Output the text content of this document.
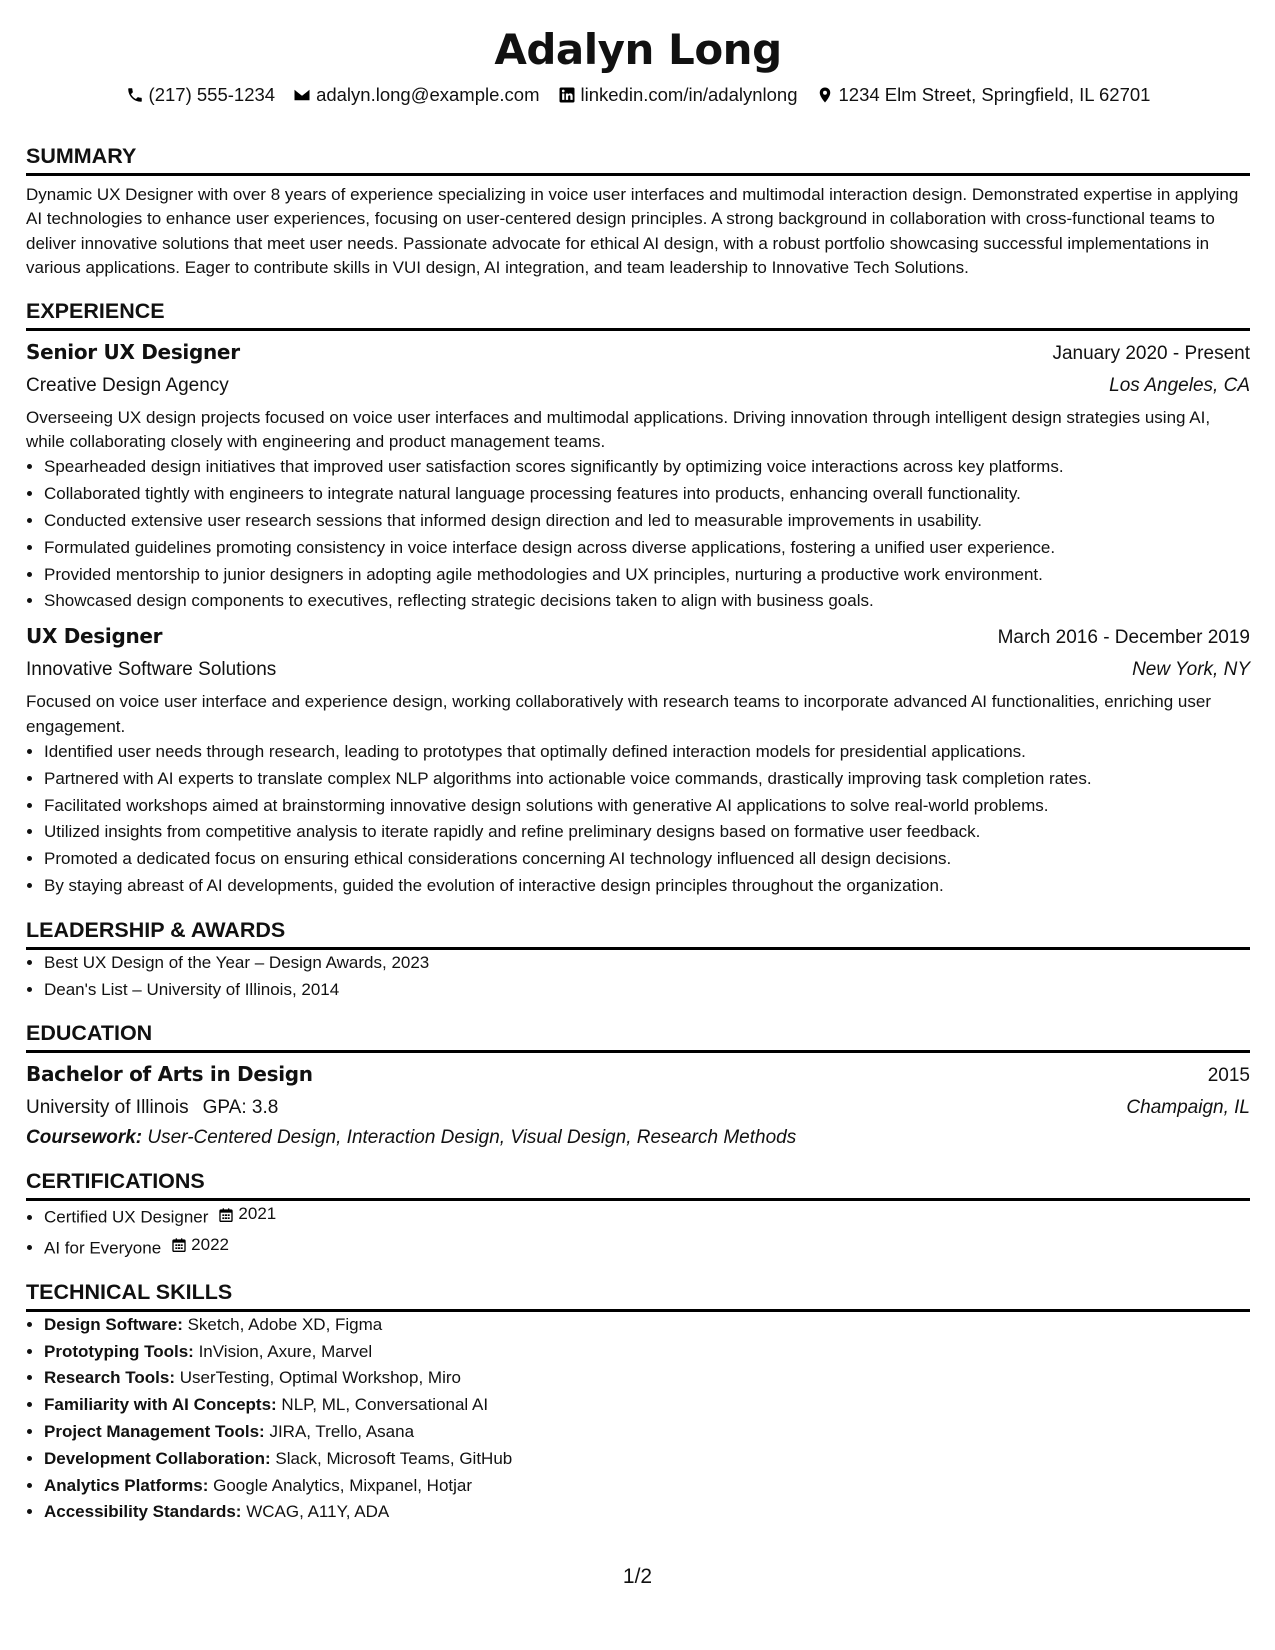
Adalyn Long
(217) 555-1234 adalyn.long@example.com linkedin.com/in/adalynlong 1234 Elm Street, Springfield, IL 62701
SUMMARY
Dynamic UX Designer with over 8 years of experience specializing in voice user interfaces and multimodal interaction design. Demonstrated expertise in applying AI technologies to enhance user experiences, focusing on user-centered design principles. A strong background in collaboration with cross-functional teams to deliver innovative solutions that meet user needs. Passionate advocate for ethical AI design, with a robust portfolio showcasing successful implementations in various applications. Eager to contribute skills in VUI design, AI integration, and team leadership to Innovative Tech Solutions.
EXPERIENCE
Senior UX Designer	January 2020 - Present
Creative Design Agency	Los Angeles, CA
Overseeing UX design projects focused on voice user interfaces and multimodal applications. Driving innovation through intelligent design strategies using AI, while collaborating closely with engineering and product management teams.
• Spearheaded design initiatives that improved user satisfaction scores significantly by optimizing voice interactions across key platforms.
• Collaborated tightly with engineers to integrate natural language processing features into products, enhancing overall functionality.
• Conducted extensive user research sessions that informed design direction and led to measurable improvements in usability.
• Formulated guidelines promoting consistency in voice interface design across diverse applications, fostering a unified user experience.
• Provided mentorship to junior designers in adopting agile methodologies and UX principles, nurturing a productive work environment.
• Showcased design components to executives, reflecting strategic decisions taken to align with business goals.
UX Designer	March 2016 - December 2019
Innovative Software Solutions	New York, NY
Focused on voice user interface and experience design, working collaboratively with research teams to incorporate advanced AI functionalities, enriching user engagement.
• Identified user needs through research, leading to prototypes that optimally defined interaction models for presidential applications.
• Partnered with AI experts to translate complex NLP algorithms into actionable voice commands, drastically improving task completion rates.
• Facilitated workshops aimed at brainstorming innovative design solutions with generative AI applications to solve real-world problems.
• Utilized insights from competitive analysis to iterate rapidly and refine preliminary designs based on formative user feedback.
• Promoted a dedicated focus on ensuring ethical considerations concerning AI technology influenced all design decisions.
• By staying abreast of AI developments, guided the evolution of interactive design principles throughout the organization.
LEADERSHIP & AWARDS
• Best UX Design of the Year – Design Awards, 2023
• Dean's List – University of Illinois, 2014
EDUCATION
Bachelor of Arts in Design	2015
University of Illinois GPA: 3.8	Champaign, IL
Coursework: User-Centered Design, Interaction Design, Visual Design, Research Methods
CERTIFICATIONS
• Certified UX Designer 2021
• AI for Everyone 2022
TECHNICAL SKILLS
• Design Software: Sketch, Adobe XD, Figma
• Prototyping Tools: InVision, Axure, Marvel
• Research Tools: UserTesting, Optimal Workshop, Miro
• Familiarity with AI Concepts: NLP, ML, Conversational AI
• Project Management Tools: JIRA, Trello, Asana
• Development Collaboration: Slack, Microsoft Teams, GitHub
• Analytics Platforms: Google Analytics, Mixpanel, Hotjar
• Accessibility Standards: WCAG, A11Y, ADA
1/2
